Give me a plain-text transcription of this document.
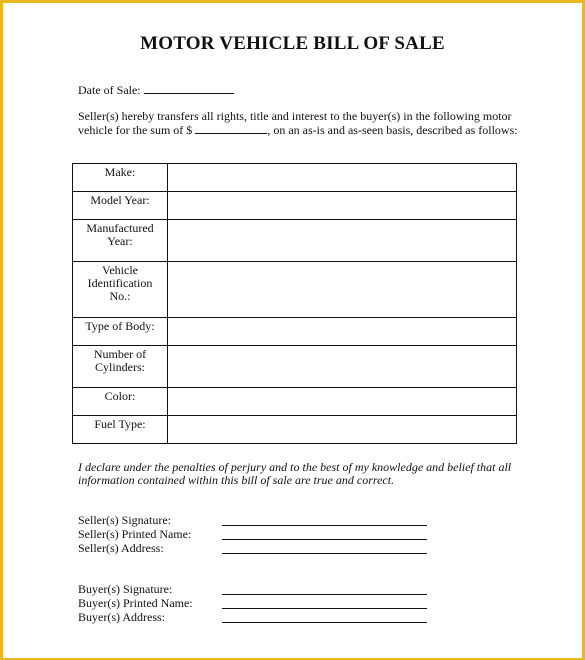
MOTOR VEHICLE BILL OF SALE
Date of Sale:
Seller(s) hereby transfers all rights, title and interest to the buyer(s) in the following motor vehicle for the sum of $	, on an as-is and as-seen basis, described as follows:
Make:	
Model Year:	
Manufactured Year:	
Vehicle Identification No.:	
Type of Body:	
Number of Cylinders:	
Color:	
Fuel Type:	
I declare under the penalties of perjury and to the best of my knowledge and belief that all information contained within this bill of sale are true and correct.
Seller(s) Signature:
Seller(s) Printed Name:
Seller(s) Address:
Buyer(s) Signature:
Buyer(s) Printed Name:
Buyer(s) Address:
